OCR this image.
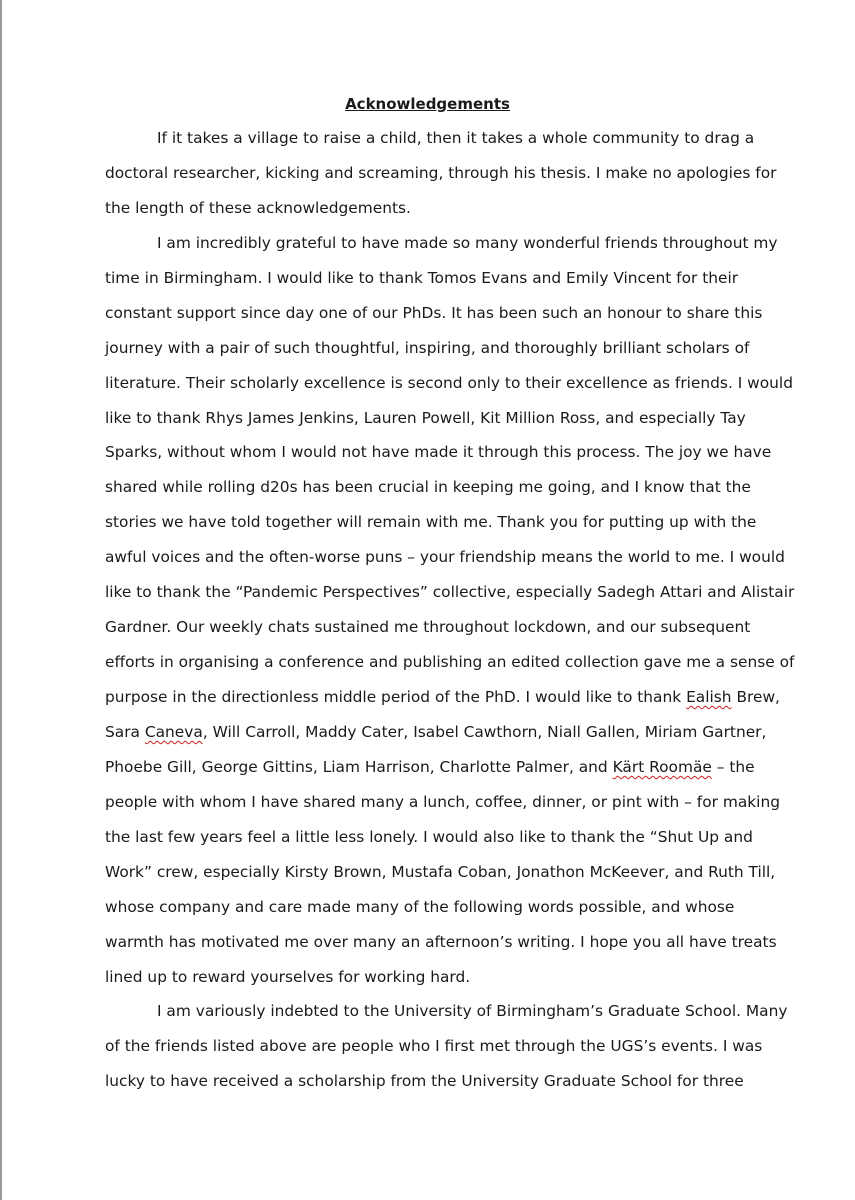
Acknowledgements
If it takes a village to raise a child, then it takes a whole community to drag a
doctoral researcher, kicking and screaming, through his thesis. I make no apologies for
the length of these acknowledgements.
I am incredibly grateful to have made so many wonderful friends throughout my
time in Birmingham. I would like to thank Tomos Evans and Emily Vincent for their
constant support since day one of our PhDs. It has been such an honour to share this
journey with a pair of such thoughtful, inspiring, and thoroughly brilliant scholars of
literature. Their scholarly excellence is second only to their excellence as friends. I would
like to thank Rhys James Jenkins, Lauren Powell, Kit Million Ross, and especially Tay
Sparks, without whom I would not have made it through this process. The joy we have
shared while rolling d20s has been crucial in keeping me going, and I know that the
stories we have told together will remain with me. Thank you for putting up with the
awful voices and the often-worse puns – your friendship means the world to me. I would
like to thank the “Pandemic Perspectives” collective, especially Sadegh Attari and Alistair
Gardner. Our weekly chats sustained me throughout lockdown, and our subsequent
efforts in organising a conference and publishing an edited collection gave me a sense of
purpose in the directionless middle period of the PhD. I would like to thank Ealish Brew,
Sara Caneva, Will Carroll, Maddy Cater, Isabel Cawthorn, Niall Gallen, Miriam Gartner,
Phoebe Gill, George Gittins, Liam Harrison, Charlotte Palmer, and Kärt Roomäe – the
people with whom I have shared many a lunch, coffee, dinner, or pint with – for making
the last few years feel a little less lonely. I would also like to thank the “Shut Up and
Work” crew, especially Kirsty Brown, Mustafa Coban, Jonathon McKeever, and Ruth Till,
whose company and care made many of the following words possible, and whose
warmth has motivated me over many an afternoon’s writing. I hope you all have treats
lined up to reward yourselves for working hard.
I am variously indebted to the University of Birmingham’s Graduate School. Many
of the friends listed above are people who I first met through the UGS’s events. I was
lucky to have received a scholarship from the University Graduate School for three
